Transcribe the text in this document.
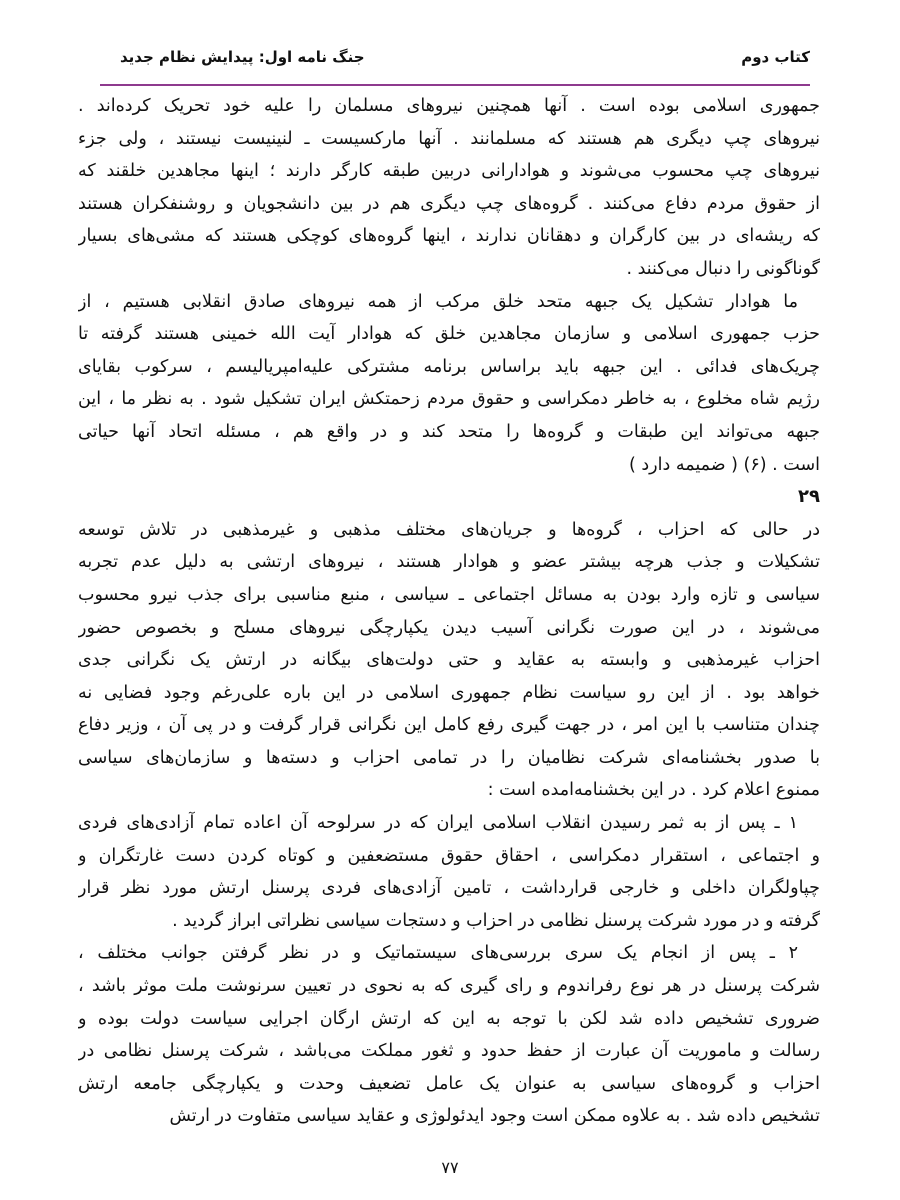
کتاب دوم
جنگ نامه اول: پیدایش نظام جدید
جمهوری اسلامی بوده است . آنها همچنین نیروهای مسلمان را علیه خود تحریک کرده‌اند .
نیروهای چپ دیگری هم هستند که مسلمانند . آنها مارکسیست ـ لنینیست نیستند ، ولی جزء
نیروهای چپ محسوب می‌شوند و هوادارانی دربین طبقه کارگر دارند ؛ اینها مجاهدین خلقند که
از حقوق مردم دفاع می‌کنند . گروه‌های چپ دیگری هم در بین دانشجویان و روشنفکران هستند
که ریشه‌ای در بین کارگران و دهقانان ندارند ، اینها گروه‌های کوچکی هستند که مشی‌های بسیار
گوناگونی را دنبال می‌کنند .
ما هوادار تشکیل یک جبهه متحد خلق مرکب از همه نیروهای صادق انقلابی هستیم ، از
حزب جمهوری اسلامی و سازمان مجاهدین خلق که هوادار آیت الله خمینی هستند گرفته تا
چریک‌های فدائی . این جبهه باید براساس برنامه مشترکی علیه‌امپریالیسم ، سرکوب بقایای
رژیم شاه مخلوع ، به خاطر دمکراسی و حقوق مردم زحمتکش ایران تشکیل شود . به نظر ما ، این
جبهه می‌تواند این طبقات و گروه‌ها را متحد کند و در واقع هم ، مسئله اتحاد آنها حیاتی
است . (۶) ( ضمیمه دارد )
۲۹
در حالی که احزاب ، گروه‌ها و جریان‌های مختلف مذهبی و غیرمذهبی در تلاش توسعه
تشکیلات و جذب هرچه بیشتر عضو و هوادار هستند ، نیروهای ارتشی به دلیل عدم تجربه
سیاسی و تازه وارد بودن به مسائل اجتماعی ـ سیاسی ، منبع مناسبی برای جذب نیرو محسوب
می‌شوند ، در این صورت نگرانی آسیب دیدن یکپارچگی نیروهای مسلح و بخصوص حضور
احزاب غیرمذهبی و وابسته به عقاید و حتی دولت‌های بیگانه در ارتش یک نگرانی جدی
خواهد بود . از این رو سیاست نظام جمهوری اسلامی در این باره علی‌رغم وجود فضایی نه
چندان متناسب با این امر ، در جهت گیری رفع کامل این نگرانی قرار گرفت و در پی آن ، وزیر دفاع
با صدور بخشنامه‌ای شرکت نظامیان را در تمامی احزاب و دسته‌ها و سازمان‌های سیاسی
ممنوع اعلام کرد . در این بخشنامه‌امده است :
۱ ـ پس از به ثمر رسیدن انقلاب اسلامی ایران که در سرلوحه آن اعاده تمام آزادی‌های فردی
و اجتماعی ، استقرار دمکراسی ، احقاق حقوق مستضعفین و کوتاه کردن دست غارتگران و
چپاولگران داخلی و خارجی قرارداشت ، تامین آزادی‌های فردی پرسنل ارتش مورد نظر قرار
گرفته و در مورد شرکت پرسنل نظامی در احزاب و دستجات سیاسی نظراتی ابراز گردید .
۲ ـ پس از انجام یک سری بررسی‌های سیستماتیک و در نظر گرفتن جوانب مختلف ،
شرکت پرسنل در هر نوع رفراندوم و رای گیری که به نحوی در تعیین سرنوشت ملت موثر باشد ،
ضروری تشخیص داده شد لکن با توجه به این که ارتش ارگان اجرایی سیاست دولت بوده و
رسالت و ماموریت آن عبارت از حفظ حدود و ثغور مملکت می‌باشد ، شرکت پرسنل نظامی در
احزاب و گروه‌های سیاسی به عنوان یک عامل تضعیف وحدت و یکپارچگی جامعه ارتش
تشخیص داده شد . به علاوه ممکن است وجود ایدئولوژی و عقاید سیاسی متفاوت در ارتش
۷۷
